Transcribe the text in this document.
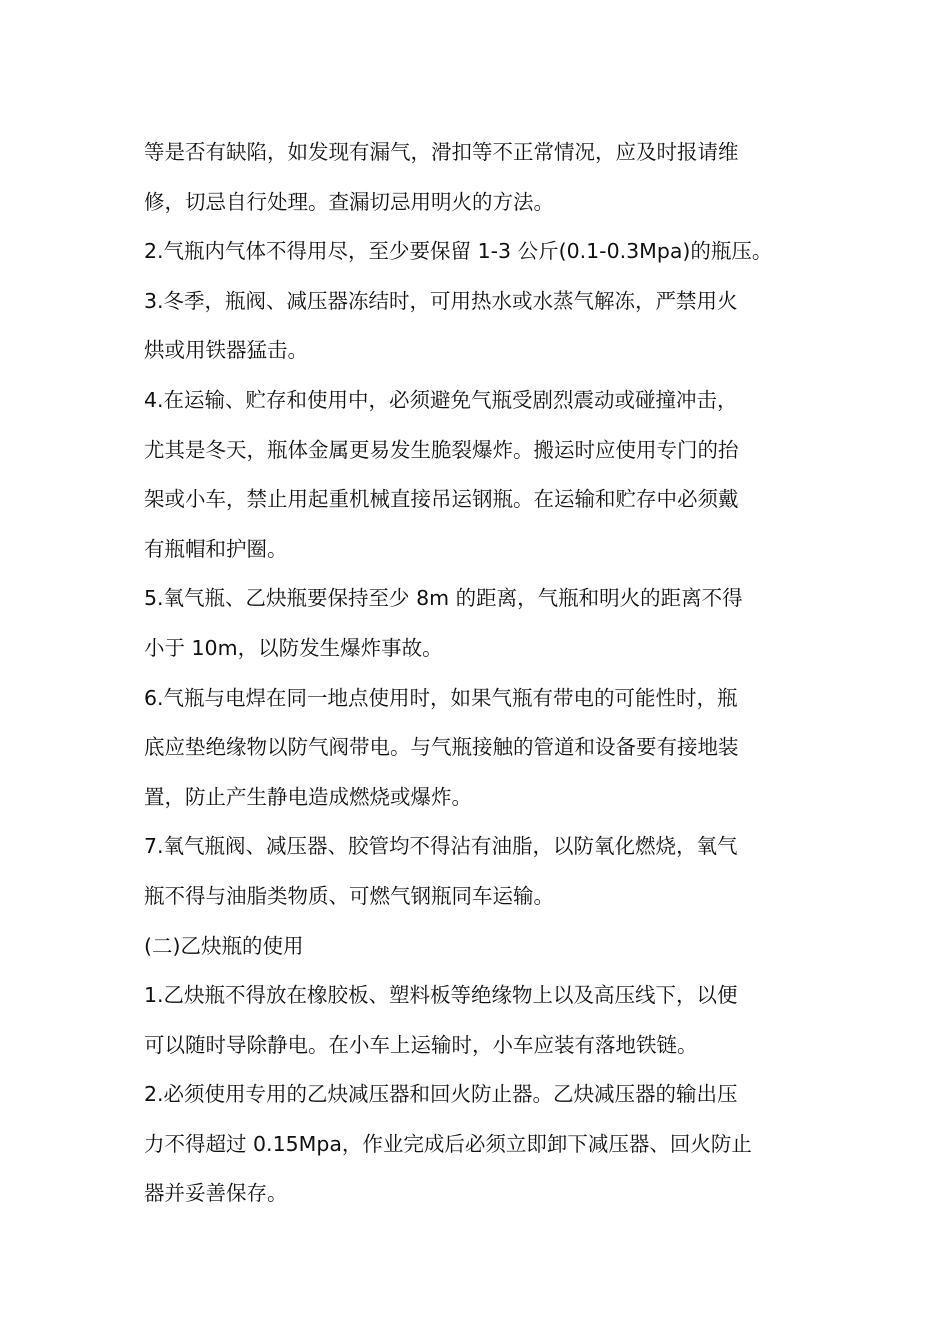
等是否有缺陷，如发现有漏气，滑扣等不正常情况，应及时报请维

修，切忌自行处理。查漏切忌用明火的方法。

2.气瓶内气体不得用尽，至少要保留 1-3 公斤(0.1-0.3Mpa)的瓶压。

3.冬季，瓶阀、减压器冻结时，可用热水或水蒸气解冻，严禁用火

烘或用铁器猛击。

4.在运输、贮存和使用中，必须避免气瓶受剧烈震动或碰撞冲击，

尤其是冬天，瓶体金属更易发生脆裂爆炸。搬运时应使用专门的抬

架或小车，禁止用起重机械直接吊运钢瓶。在运输和贮存中必须戴

有瓶帽和护圈。

5.氧气瓶、乙炔瓶要保持至少 8m 的距离，气瓶和明火的距离不得

小于 10m，以防发生爆炸事故。

6.气瓶与电焊在同一地点使用时，如果气瓶有带电的可能性时，瓶

底应垫绝缘物以防气阀带电。与气瓶接触的管道和设备要有接地装

置，防止产生静电造成燃烧或爆炸。

7.氧气瓶阀、减压器、胶管均不得沾有油脂，以防氧化燃烧，氧气

瓶不得与油脂类物质、可燃气钢瓶同车运输。

(二)乙炔瓶的使用

1.乙炔瓶不得放在橡胶板、塑料板等绝缘物上以及高压线下，以便

可以随时导除静电。在小车上运输时，小车应装有落地铁链。

2.必须使用专用的乙炔减压器和回火防止器。乙炔减压器的输出压

力不得超过 0.15Mpa，作业完成后必须立即卸下减压器、回火防止

器并妥善保存。
